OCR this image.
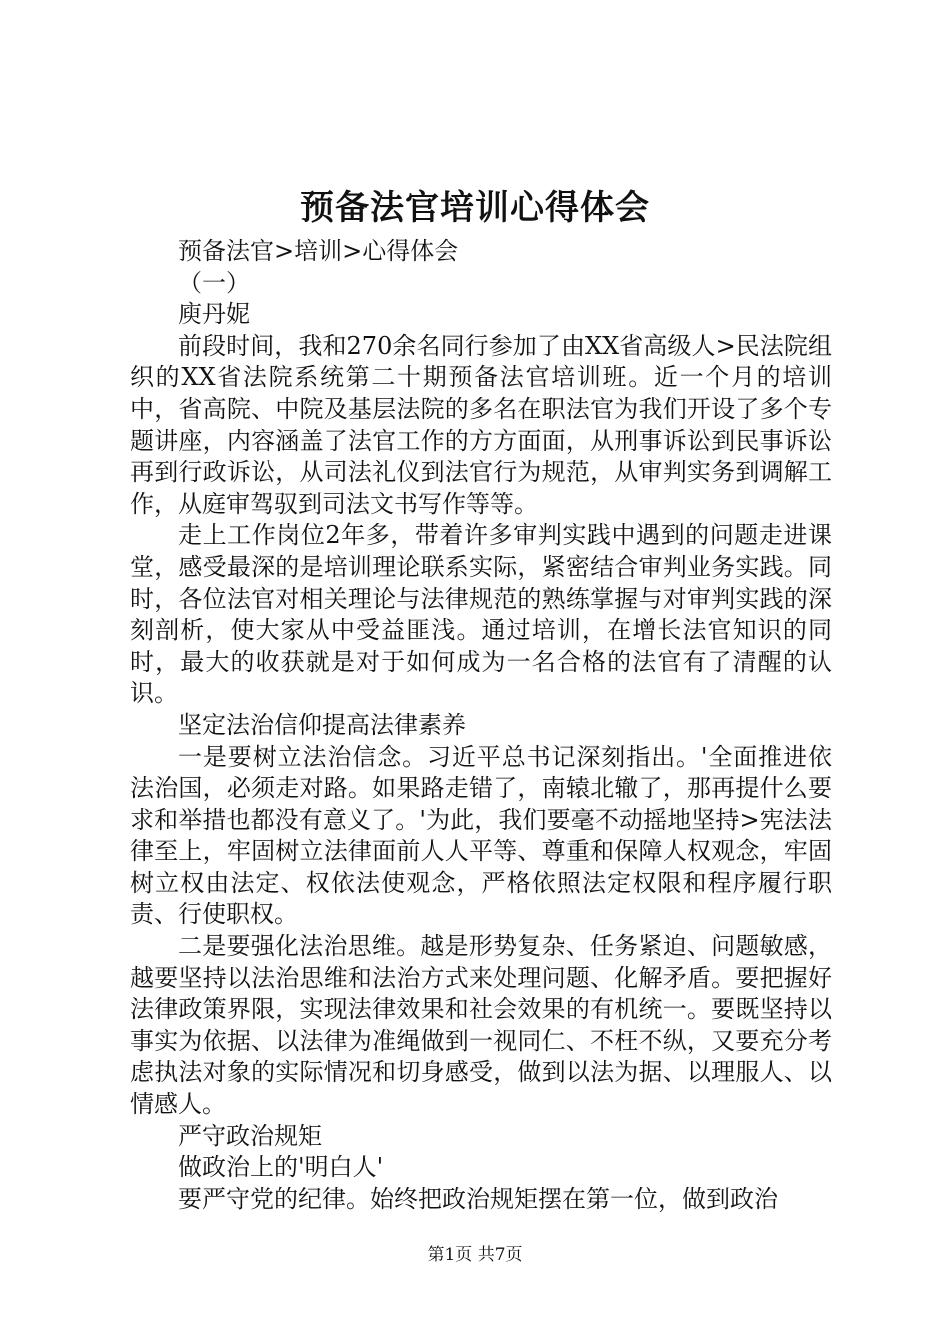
预备法官培训心得体会

预备法官>培训>心得体会

（一）

庾丹妮

前段时间，我和270余名同行参加了由XX省高级人>民法院组织的XX省法院系统第二十期预备法官培训班。近一个月的培训中，省高院、中院及基层法院的多名在职法官为我们开设了多个专题讲座，内容涵盖了法官工作的方方面面，从刑事诉讼到民事诉讼再到行政诉讼，从司法礼仪到法官行为规范，从审判实务到调解工作，从庭审驾驭到司法文书写作等等。

走上工作岗位2年多，带着许多审判实践中遇到的问题走进课堂，感受最深的是培训理论联系实际，紧密结合审判业务实践。同时，各位法官对相关理论与法律规范的熟练掌握与对审判实践的深刻剖析，使大家从中受益匪浅。通过培训，在增长法官知识的同时，最大的收获就是对于如何成为一名合格的法官有了清醒的认识。

坚定法治信仰提高法律素养

一是要树立法治信念。习近平总书记深刻指出。'全面推进依法治国，必须走对路。如果路走错了，南辕北辙了，那再提什么要求和举措也都没有意义了。'为此，我们要毫不动摇地坚持>宪法法律至上，牢固树立法律面前人人平等、尊重和保障人权观念，牢固树立权由法定、权依法使观念，严格依照法定权限和程序履行职责、行使职权。

二是要强化法治思维。越是形势复杂、任务紧迫、问题敏感，越要坚持以法治思维和法治方式来处理问题、化解矛盾。要把握好法律政策界限，实现法律效果和社会效果的有机统一。要既坚持以事实为依据、以法律为准绳做到一视同仁、不枉不纵，又要充分考虑执法对象的实际情况和切身感受，做到以法为据、以理服人、以情感人。

严守政治规矩

做政治上的'明白人'

要严守党的纪律。始终把政治规矩摆在第一位，做到政治

第1页 共7页
